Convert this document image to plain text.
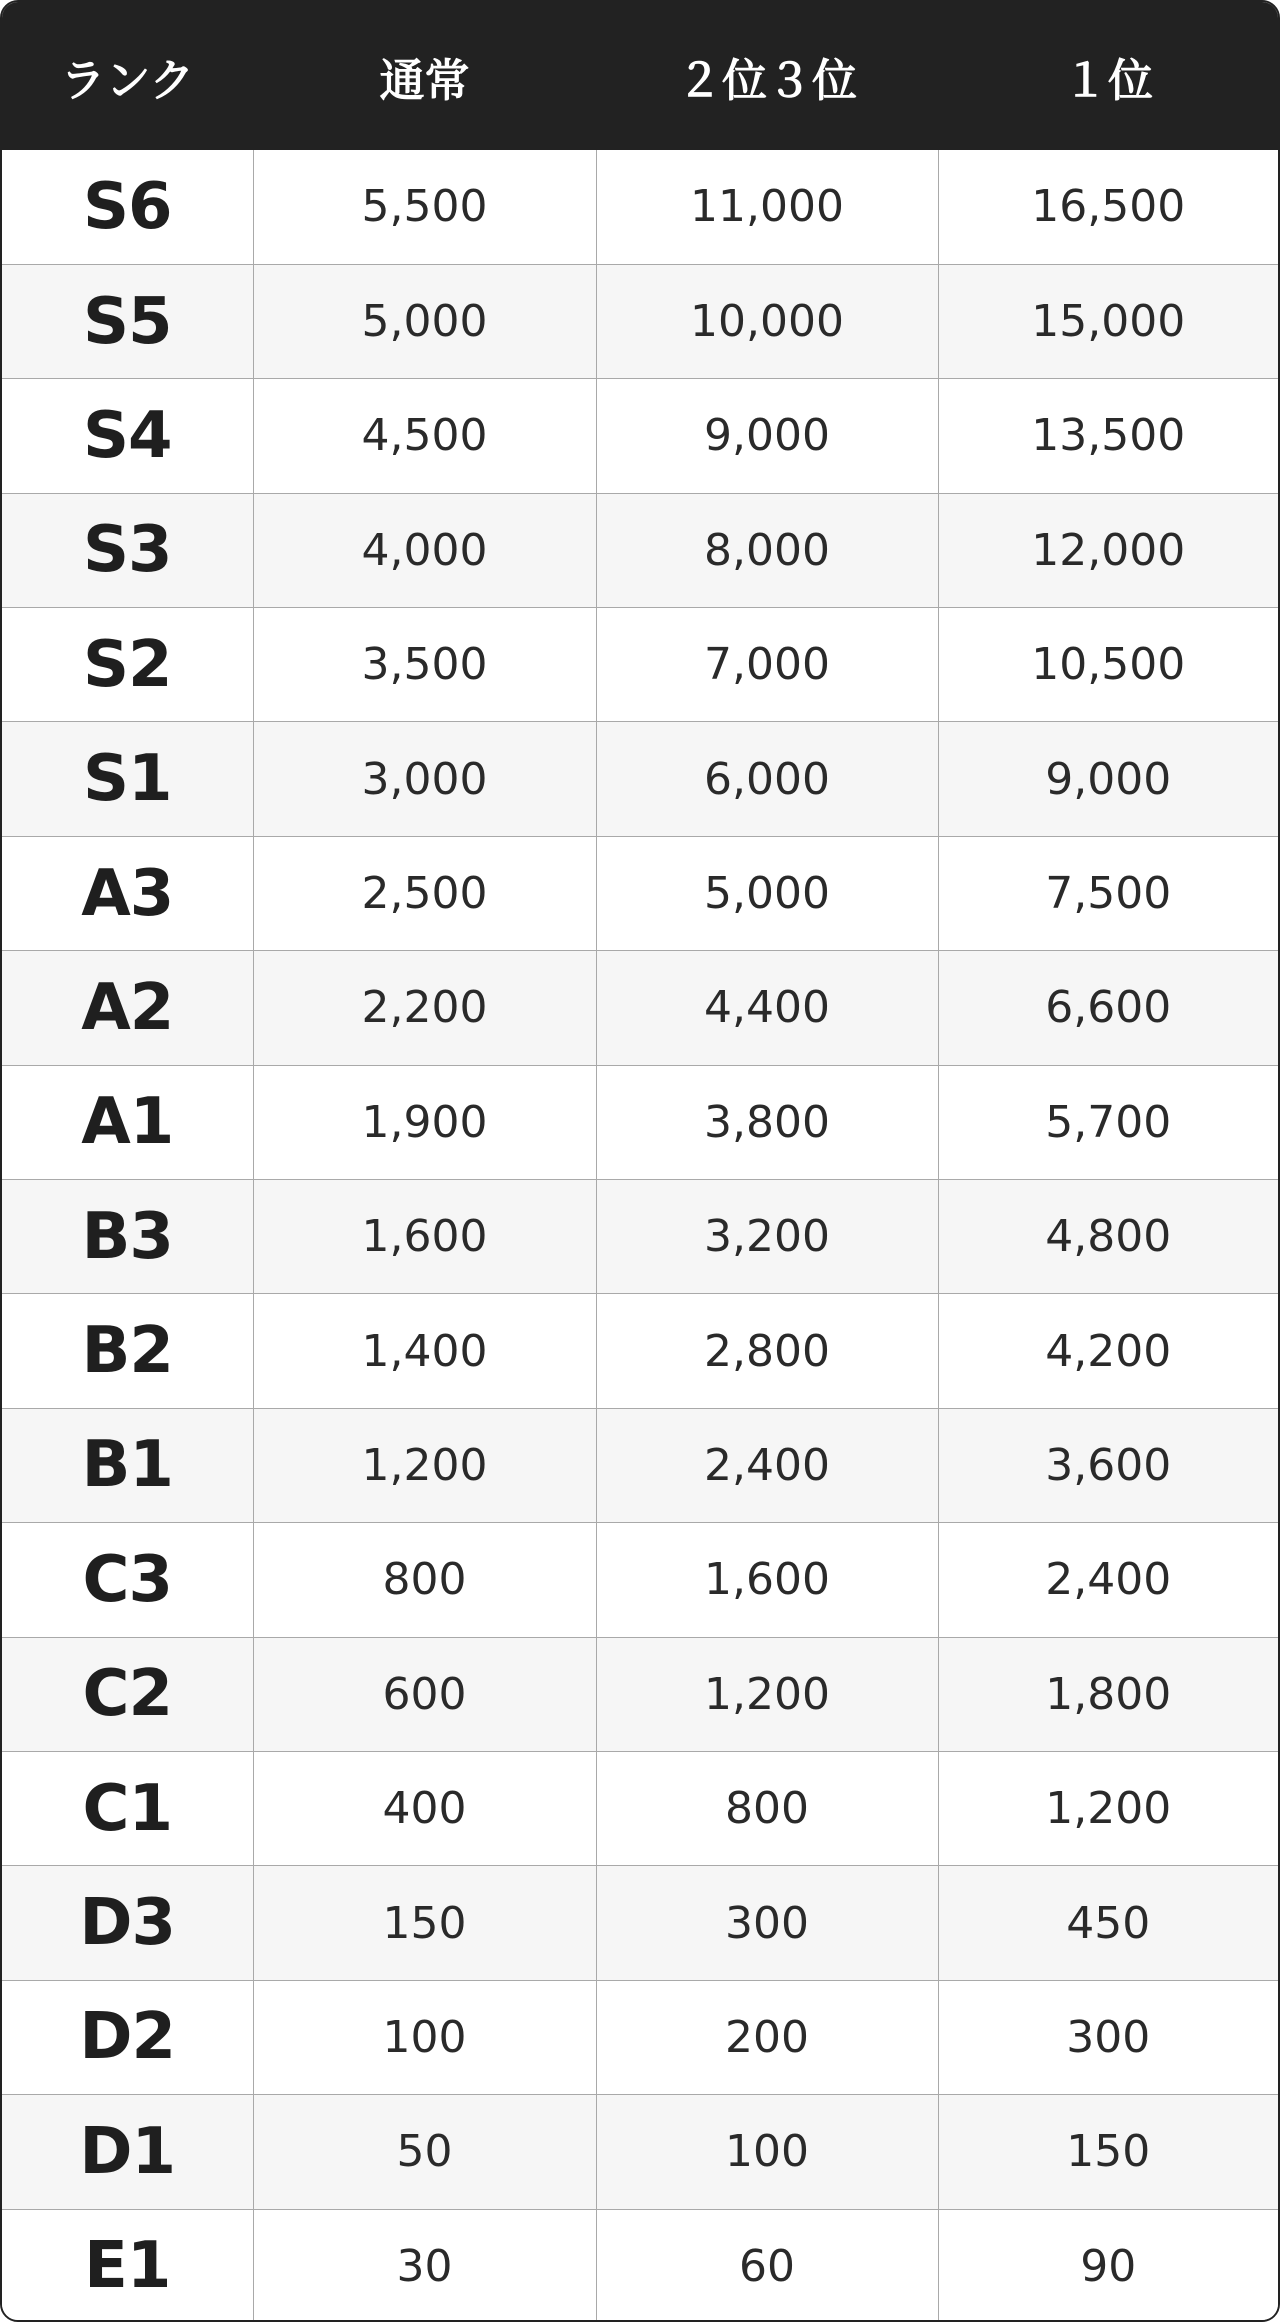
ランク	通常	２位３位	１位
S6	5,500	11,000	16,500
S5	5,000	10,000	15,000
S4	4,500	9,000	13,500
S3	4,000	8,000	12,000
S2	3,500	7,000	10,500
S1	3,000	6,000	9,000
A3	2,500	5,000	7,500
A2	2,200	4,400	6,600
A1	1,900	3,800	5,700
B3	1,600	3,200	4,800
B2	1,400	2,800	4,200
B1	1,200	2,400	3,600
C3	800	1,600	2,400
C2	600	1,200	1,800
C1	400	800	1,200
D3	150	300	450
D2	100	200	300
D1	50	100	150
E1	30	60	90
